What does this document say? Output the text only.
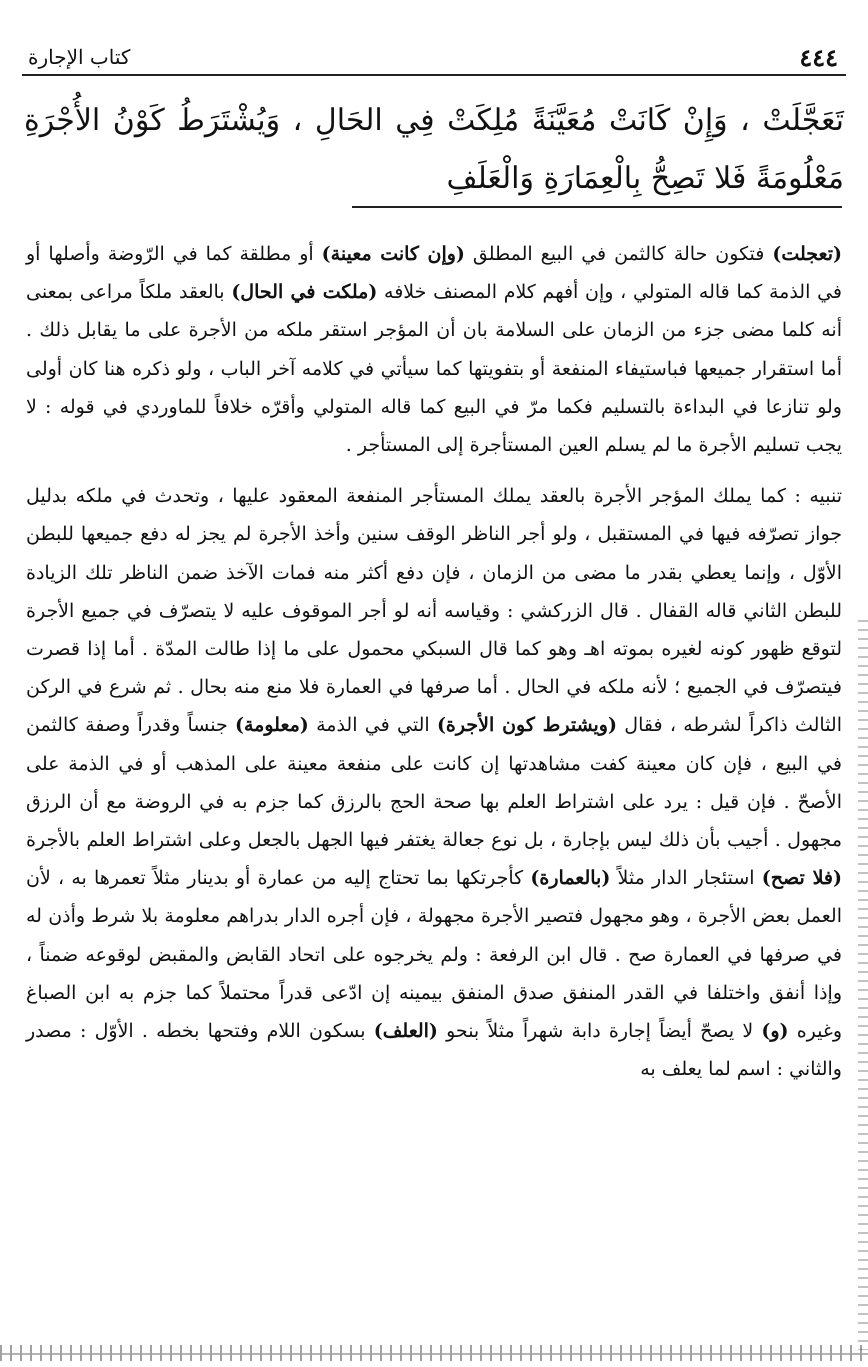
٤٤٤
كتاب الإجارة
تَعَجَّلَتْ ، وَإِنْ كَانَتْ مُعَيَّنَةً مُلِكَتْ فِي الحَالِ ، وَيُشْتَرَطُ كَوْنُ الأُجْرَةِ مَعْلُومَةً فَلا تَصِحُّ بِالْعِمَارَةِ وَالْعَلَفِ

(تعجلت) فتكون حالة كالثمن في البيع المطلق (وإن كانت معينة) أو مطلقة كما في الرّوضة وأصلها أو في الذمة كما قاله المتولي ، وإن أفهم كلام المصنف خلافه (ملكت في الحال) بالعقد ملكاً مراعى بمعنى أنه كلما مضى جزء من الزمان على السلامة بان أن المؤجر استقر ملكه من الأجرة على ما يقابل ذلك . أما استقرار جميعها فباستيفاء المنفعة أو بتفويتها كما سيأتي في كلامه آخر الباب ، ولو ذكره هنا كان أولى ولو تنازعا في البداءة بالتسليم فكما مرّ في البيع كما قاله المتولي وأقرّه خلافاً للماوردي في قوله : لا يجب تسليم الأجرة ما لم يسلم العين المستأجرة إلى المستأجر .

تنبيه : كما يملك المؤجر الأجرة بالعقد يملك المستأجر المنفعة المعقود عليها ، وتحدث في ملكه بدليل جواز تصرّفه فيها في المستقبل ، ولو أجر الناظر الوقف سنين وأخذ الأجرة لم يجز له دفع جميعها للبطن الأوّل ، وإنما يعطي بقدر ما مضى من الزمان ، فإن دفع أكثر منه فمات الآخذ ضمن الناظر تلك الزيادة للبطن الثاني قاله القفال . قال الزركشي : وقياسه أنه لو أجر الموقوف عليه لا يتصرّف في جميع الأجرة لتوقع ظهور كونه لغيره بموته اهـ وهو كما قال السبكي محمول على ما إذا طالت المدّة . أما إذا قصرت فيتصرّف في الجميع ؛ لأنه ملكه في الحال . أما صرفها في العمارة فلا منع منه بحال . ثم شرع في الركن الثالث ذاكراً لشرطه ، فقال (ويشترط كون الأجرة) التي في الذمة (معلومة) جنساً وقدراً وصفة كالثمن في البيع ، فإن كان معينة كفت مشاهدتها إن كانت على منفعة معينة على المذهب أو في الذمة على الأصحّ . فإن قيل : يرد على اشتراط العلم بها صحة الحج بالرزق كما جزم به في الروضة مع أن الرزق مجهول . أجيب بأن ذلك ليس بإجارة ، بل نوع جعالة يغتفر فيها الجهل بالجعل وعلى اشتراط العلم بالأجرة (فلا تصح) استئجار الدار مثلاً (بالعمارة) كأجرتكها بما تحتاج إليه من عمارة أو بدينار مثلاً تعمرها به ، لأن العمل بعض الأجرة ، وهو مجهول فتصير الأجرة مجهولة ، فإن أجره الدار بدراهم معلومة بلا شرط وأذن له في صرفها في العمارة صح . قال ابن الرفعة : ولم يخرجوه على اتحاد القابض والمقبض لوقوعه ضمناً ، وإذا أنفق واختلفا في القدر المنفق صدق المنفق بيمينه إن ادّعى قدراً محتملاً كما جزم به ابن الصباغ وغيره (و) لا يصحّ أيضاً إجارة دابة شهراً مثلاً بنحو (العلف) بسكون اللام وفتحها بخطه . الأوّل : مصدر والثاني : اسم لما يعلف به
